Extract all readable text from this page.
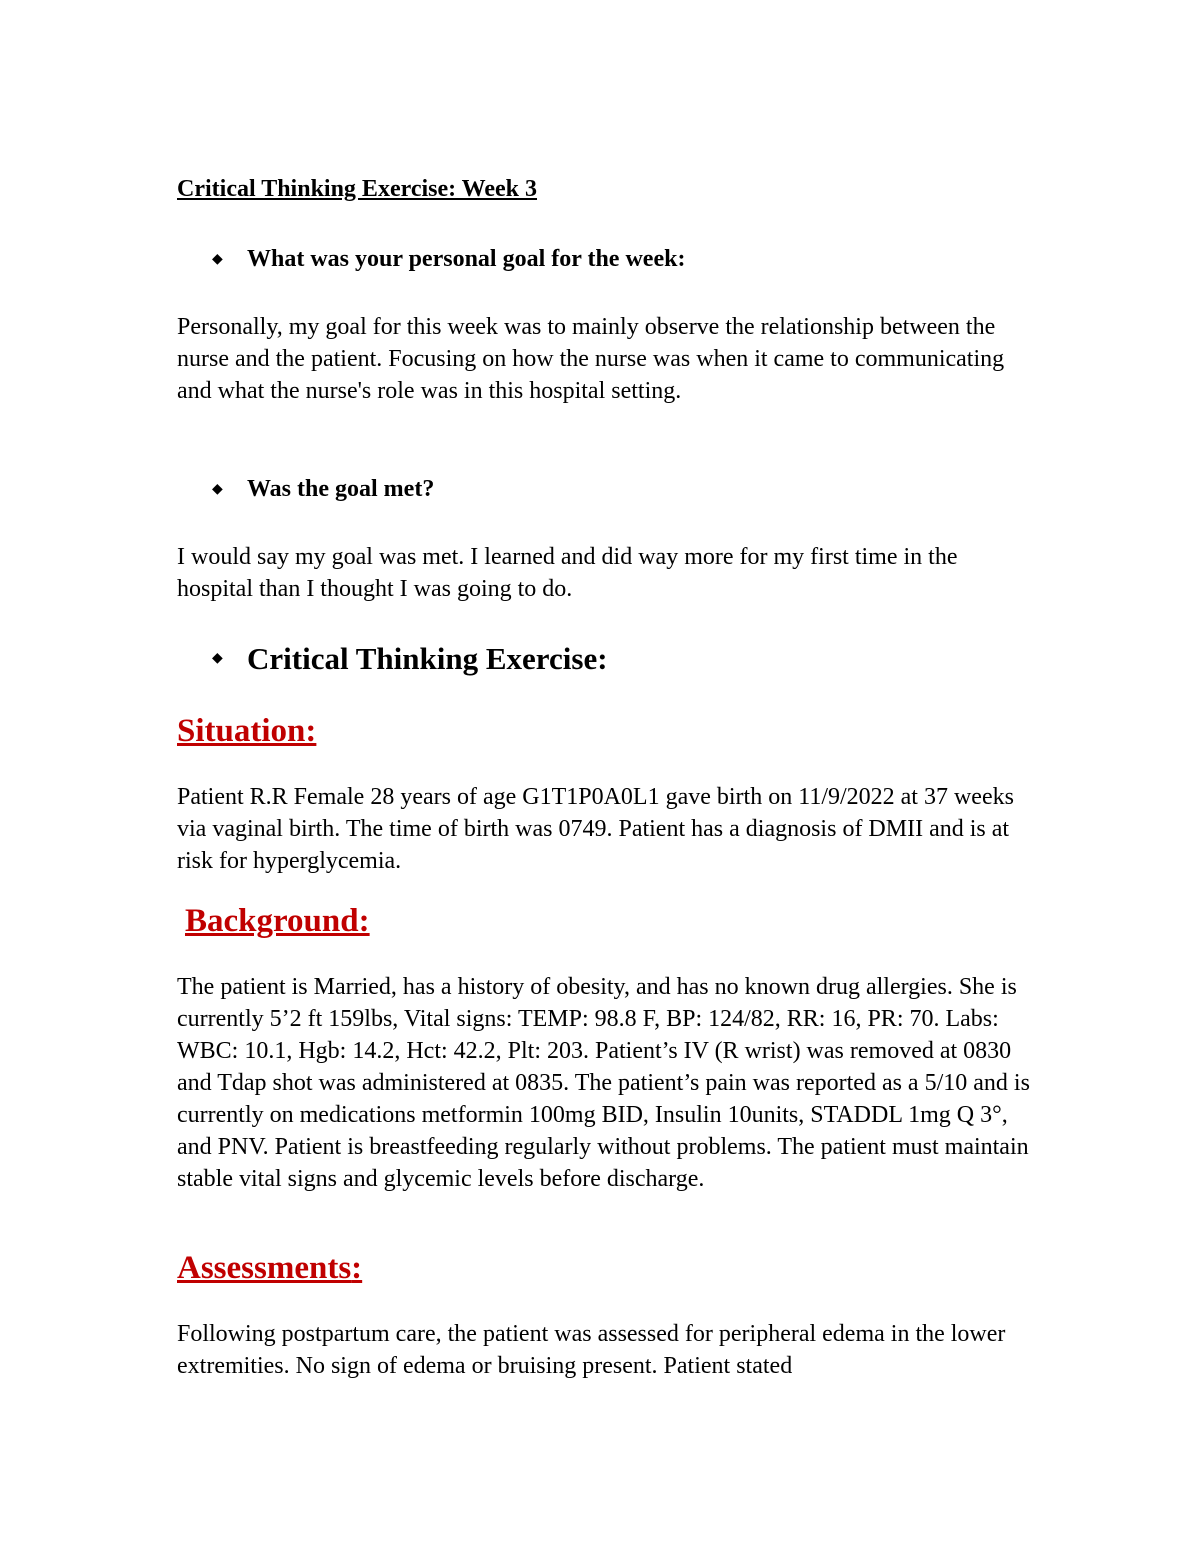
Critical Thinking Exercise: Week 3
◆ What was your personal goal for the week:

Personally, my goal for this week was to mainly observe the relationship between the nurse and the patient. Focusing on how the nurse was when it came to communicating and what the nurse's role was in this hospital setting.

◆ Was the goal met?

I would say my goal was met. I learned and did way more for my first time in the hospital than I thought I was going to do.

◆ Critical Thinking Exercise:
Situation:

Patient R.R Female 28 years of age G1T1P0A0L1 gave birth on 11/9/2022 at 37 weeks via vaginal birth. The time of birth was 0749. Patient has a diagnosis of DMII and is at risk for hyperglycemia.

Background:

The patient is Married, has a history of obesity, and has no known drug allergies. She is currently 5’2 ft 159lbs, Vital signs: TEMP: 98.8 F, BP: 124/82, RR: 16, PR: 70. Labs: WBC: 10.1, Hgb: 14.2, Hct: 42.2, Plt: 203. Patient’s IV (R wrist) was removed at 0830 and Tdap shot was administered at 0835. The patient’s pain was reported as a 5/10 and is currently on medications metformin 100mg BID, Insulin 10units, STADDL 1mg Q 3°, and PNV. Patient is breastfeeding regularly without problems. The patient must maintain stable vital signs and glycemic levels before discharge.

Assessments:

Following postpartum care, the patient was assessed for peripheral edema in the lower extremities. No sign of edema or bruising present. Patient stated
